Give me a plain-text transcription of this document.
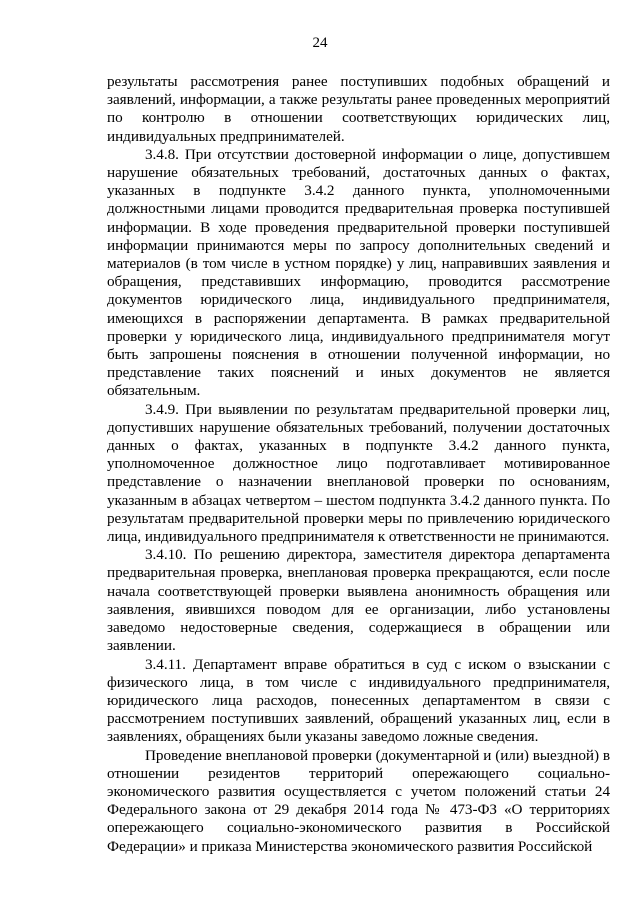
24

результаты рассмотрения ранее поступивших подобных обращений и заявлений, информации, а также результаты ранее проведенных мероприятий по контролю в отношении соответствующих юридических лиц, индивидуальных предпринимателей.

3.4.8. При отсутствии достоверной информации о лице, допустившем нарушение обязательных требований, достаточных данных о фактах, указанных в подпункте 3.4.2 данного пункта, уполномоченными должностными лицами проводится предварительная проверка поступившей информации. В ходе проведения предварительной проверки поступившей информации принимаются меры по запросу дополнительных сведений и материалов (в том числе в устном порядке) у лиц, направивших заявления и обращения, представивших информацию, проводится рассмотрение документов юридического лица, индивидуального предпринимателя, имеющихся в распоряжении департамента. В рамках предварительной проверки у юридического лица, индивидуального предпринимателя могут быть запрошены пояснения в отношении полученной информации, но представление таких пояснений и иных документов не является обязательным.

3.4.9. При выявлении по результатам предварительной проверки лиц, допустивших нарушение обязательных требований, получении достаточных данных о фактах, указанных в подпункте 3.4.2 данного пункта, уполномоченное должностное лицо подготавливает мотивированное представление о назначении внеплановой проверки по основаниям, указанным в абзацах четвертом – шестом подпункта 3.4.2 данного пункта. По результатам предварительной проверки меры по привлечению юридического лица, индивидуального предпринимателя к ответственности не принимаются.

3.4.10. По решению директора, заместителя директора департамента предварительная проверка, внеплановая проверка прекращаются, если после начала соответствующей проверки выявлена анонимность обращения или заявления, явившихся поводом для ее организации, либо установлены заведомо недостоверные сведения, содержащиеся в обращении или заявлении.

3.4.11. Департамент вправе обратиться в суд с иском о взыскании с физического лица, в том числе с индивидуального предпринимателя, юридического лица расходов, понесенных департаментом в связи с рассмотрением поступивших заявлений, обращений указанных лиц, если в заявлениях, обращениях были указаны заведомо ложные сведения.

Проведение внеплановой проверки (документарной и (или) выездной) в отношении резидентов территорий опережающего социально-экономического развития осуществляется с учетом положений статьи 24 Федерального закона от 29 декабря 2014 года № 473-ФЗ «О территориях опережающего социально-экономического развития в Российской Федерации» и приказа Министерства экономического развития Российской
